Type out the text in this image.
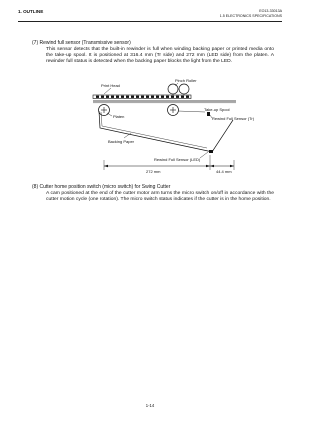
1. OUTLINE	EO13-33013A
1.5 ELECTRONICS SPECIFICATIONS
(7) Rewind full sensor (Transmissive sensor)
This sensor detects that the built-in rewinder is full when winding backing paper or printed media onto the take-up spool. It is positioned at 316.4 mm (Tr side) and 272 mm (LED side) from the platen. A rewinder full status is detected when the backing paper blocks the light from the LED.
Print Head
Pinch Roller
Platen
Take-up Spool
Rewind Full Sensor (Tr)
Backing Paper
Rewind Full Sensor (LED)
272 mm	44.4 mm
(8) Cutter home position switch (micro switch) for Swing Cutter
A cam positioned at the end of the cutter motor arm turns the micro switch on/off in accordance with the cutter motion cycle (one rotation). The micro switch status indicates if the cutter is in the home position.
1-14
